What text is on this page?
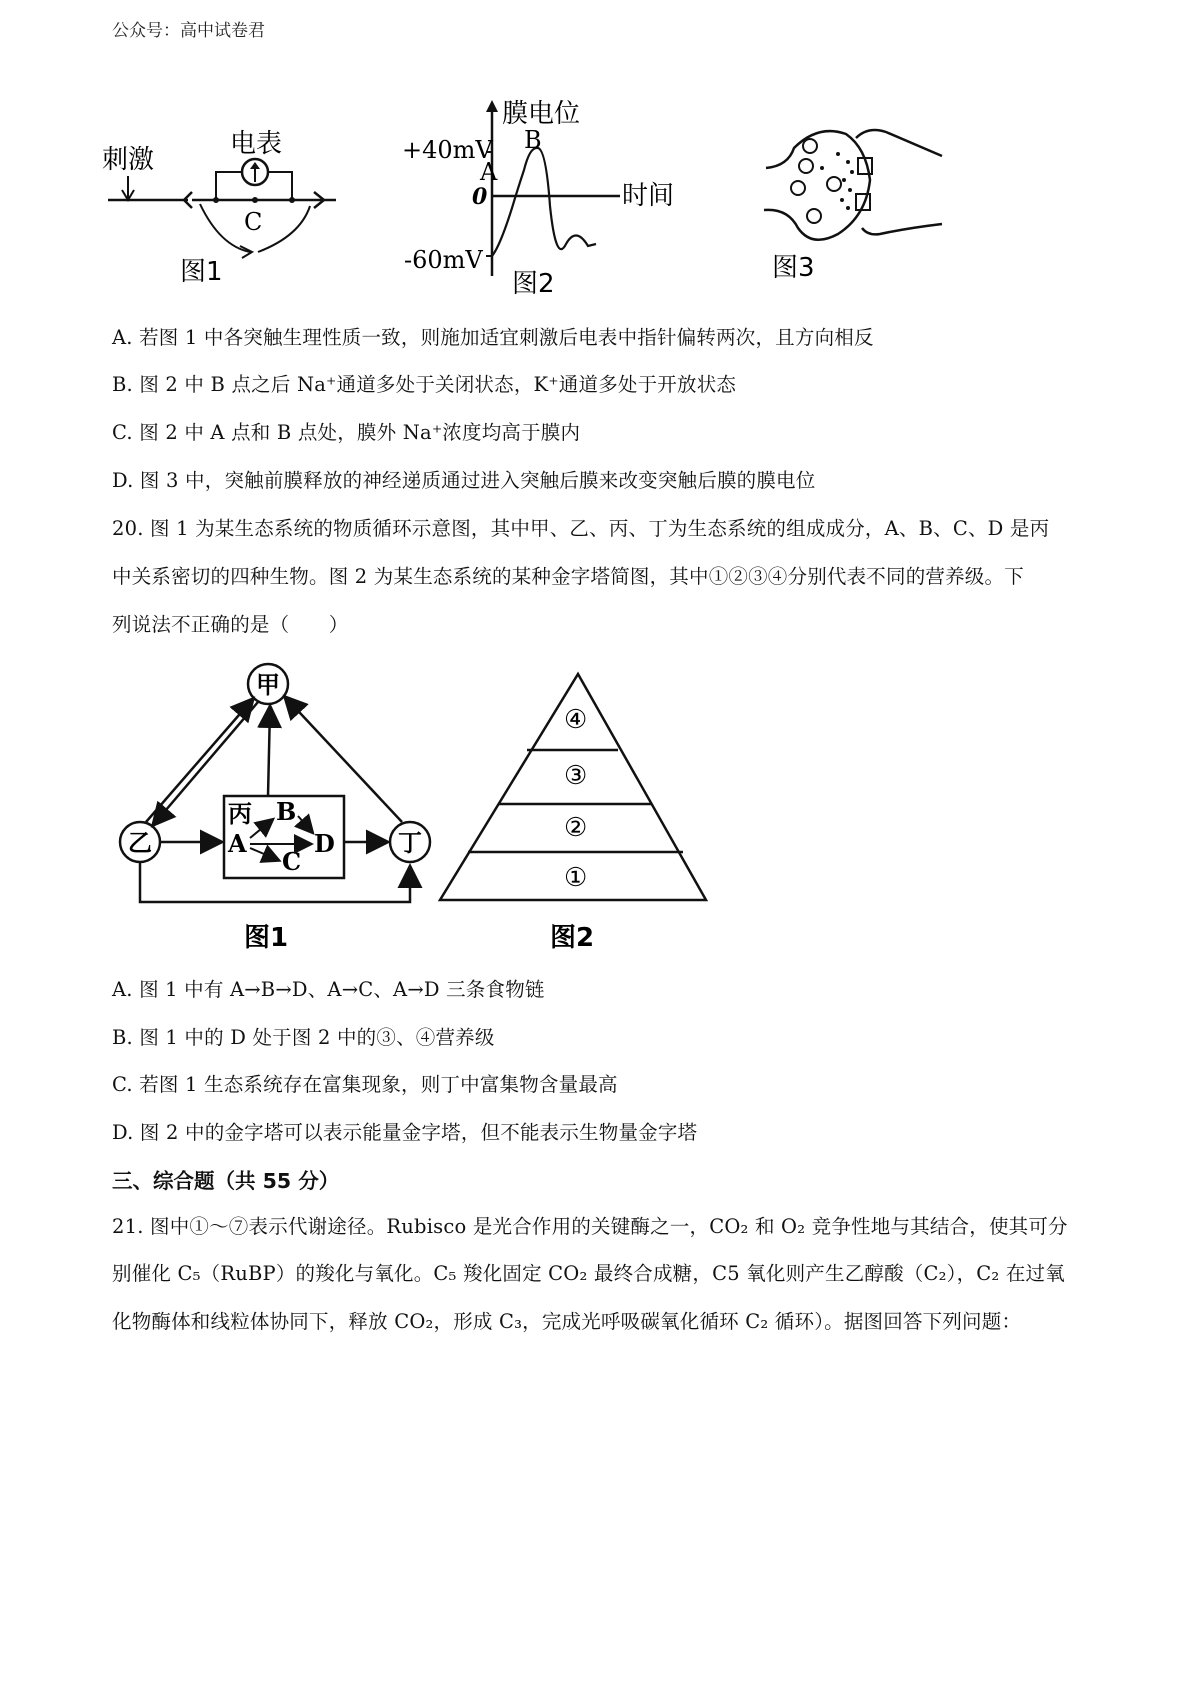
公众号：高中试卷君
刺激
电表
C
图1
膜电位
时间
+40mV
0
-60mV
A
B
图2
图3
A. 若图 1 中各突触生理性质一致，则施加适宜刺激后电表中指针偏转两次，且方向相反
B. 图 2 中 B 点之后 Na⁺通道多处于关闭状态，K⁺通道多处于开放状态
C. 图 2 中 A 点和 B 点处，膜外 Na⁺浓度均高于膜内
D. 图 3 中，突触前膜释放的神经递质通过进入突触后膜来改变突触后膜的膜电位
20. 图 1 为某生态系统的物质循环示意图，其中甲、乙、丙、丁为生态系统的组成成分，A、B、C、D 是丙
中关系密切的四种生物。图 2 为某生态系统的某种金字塔简图，其中①②③④分别代表不同的营养级。下
列说法不正确的是（　　）
甲
乙	丁
丙
A
B
C
D
图1
④
③
②
①
图2
A. 图 1 中有 A→B→D、A→C、A→D 三条食物链
B. 图 1 中的 D 处于图 2 中的③、④营养级
C. 若图 1 生态系统存在富集现象，则丁中富集物含量最高
D. 图 2 中的金字塔可以表示能量金字塔，但不能表示生物量金字塔
三、综合题（共 55 分）
21. 图中①～⑦表示代谢途径。Rubisco 是光合作用的关键酶之一，CO₂ 和 O₂ 竞争性地与其结合，使其可分
别催化 C₅（RuBP）的羧化与氧化。C₅ 羧化固定 CO₂ 最终合成糖，C5 氧化则产生乙醇酸（C₂），C₂ 在过氧
化物酶体和线粒体协同下，释放 CO₂，形成 C₃，完成光呼吸碳氧化循环 C₂ 循环）。据图回答下列问题：
